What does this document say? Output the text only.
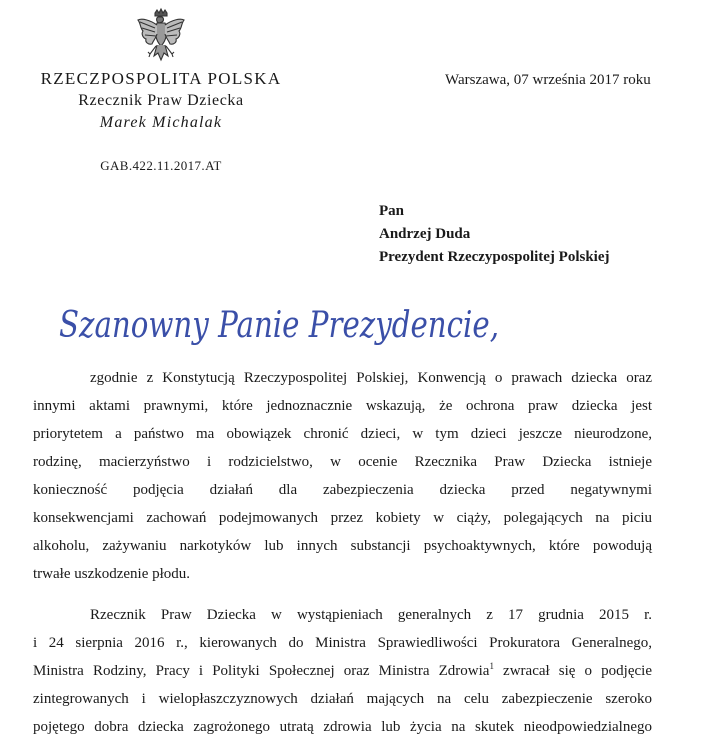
RZECZPOSPOLITA POLSKA
Rzecznik Praw Dziecka
Marek Michalak
GAB.422.11.2017.AT
Warszawa, 07 września 2017 roku
Pan
Andrzej Duda
Prezydent Rzeczypospolitej Polskiej
Szanowny Panie Prezydencie,

zgodnie z Konstytucją Rzeczypospolitej Polskiej, Konwencją o prawach dziecka oraz
innymi aktami prawnymi, które jednoznacznie wskazują, że ochrona praw dziecka jest
priorytetem a państwo ma obowiązek chronić dzieci, w tym dzieci jeszcze nieurodzone,
rodzinę, macierzyństwo i rodzicielstwo, w ocenie Rzecznika Praw Dziecka istnieje
konieczność podjęcia działań dla zabezpieczenia dziecka przed negatywnymi
konsekwencjami zachowań podejmowanych przez kobiety w ciąży, polegających na piciu
alkoholu, zażywaniu narkotyków lub innych substancji psychoaktywnych, które powodują
trwałe uszkodzenie płodu.

Rzecznik Praw Dziecka w wystąpieniach generalnych z 17 grudnia 2015 r.
i 24 sierpnia 2016 r., kierowanych do Ministra Sprawiedliwości Prokuratora Generalnego,
Ministra Rodziny, Pracy i Polityki Społecznej oraz Ministra Zdrowia$^1$ zwracał się o podjęcie
zintegrowanych i wielopłaszczyznowych działań mających na celu zabezpieczenie szeroko
pojętego dobra dziecka zagrożonego utratą zdrowia lub życia na skutek nieodpowiedzialnego
